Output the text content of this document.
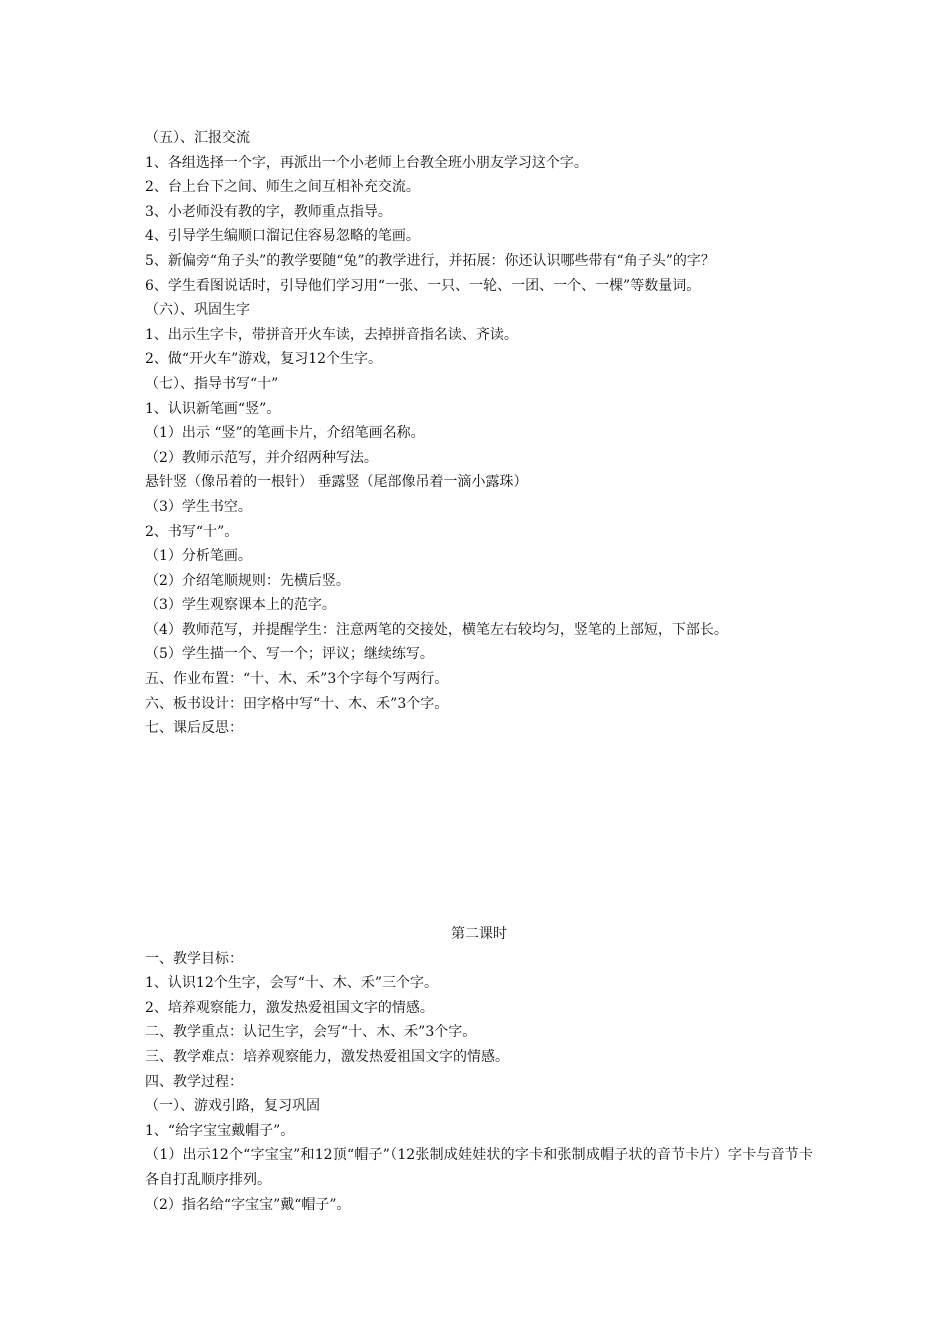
（五）、汇报交流

1、各组选择一个字，再派出一个小老师上台教全班小朋友学习这个字。

2、台上台下之间、师生之间互相补充交流。

3、小老师没有教的字，教师重点指导。

4、引导学生编顺口溜记住容易忽略的笔画。

5、新偏旁“角子头”的教学要随“兔”的教学进行，并拓展：你还认识哪些带有“角子头”的字？

6、学生看图说话时，引导他们学习用“一张、一只、一轮、一团、一个、一棵”等数量词。

（六）、巩固生字

1、出示生字卡，带拼音开火车读，去掉拼音指名读、齐读。

2、做“开火车”游戏，复习12个生字。

（七）、指导书写“十”

1、认识新笔画“竖”。

（1）出示 “竖”的笔画卡片，介绍笔画名称。

（2）教师示范写，并介绍两种写法。

悬针竖（像吊着的一根针） 垂露竖（尾部像吊着一滴小露珠）

（3）学生书空。

2、书写“十”。

（1）分析笔画。

（2）介绍笔顺规则：先横后竖。

（3）学生观察课本上的范字。

（4）教师范写，并提醒学生：注意两笔的交接处，横笔左右较均匀，竖笔的上部短，下部长。

（5）学生描一个、写一个；评议；继续练写。

五、作业布置：“十、木、禾”3个字每个写两行。

六、板书设计：田字格中写“十、木、禾”3个字。

七、课后反思：

第二课时

一、教学目标：

1、认识12个生字，会写“十、木、禾”三个字。

2、培养观察能力，激发热爱祖国文字的情感。

二、教学重点：认记生字，会写“十、木、禾”3个字。

三、教学难点：培养观察能力，激发热爱祖国文字的情感。

四、教学过程：

（一）、游戏引路，复习巩固

1、“给字宝宝戴帽子”。

（1）出示12个“字宝宝”和12顶“帽子”（12张制成娃娃状的字卡和张制成帽子状的音节卡片）字卡与音节卡各自打乱顺序排列。

（2）指名给“字宝宝”戴“帽子”。
